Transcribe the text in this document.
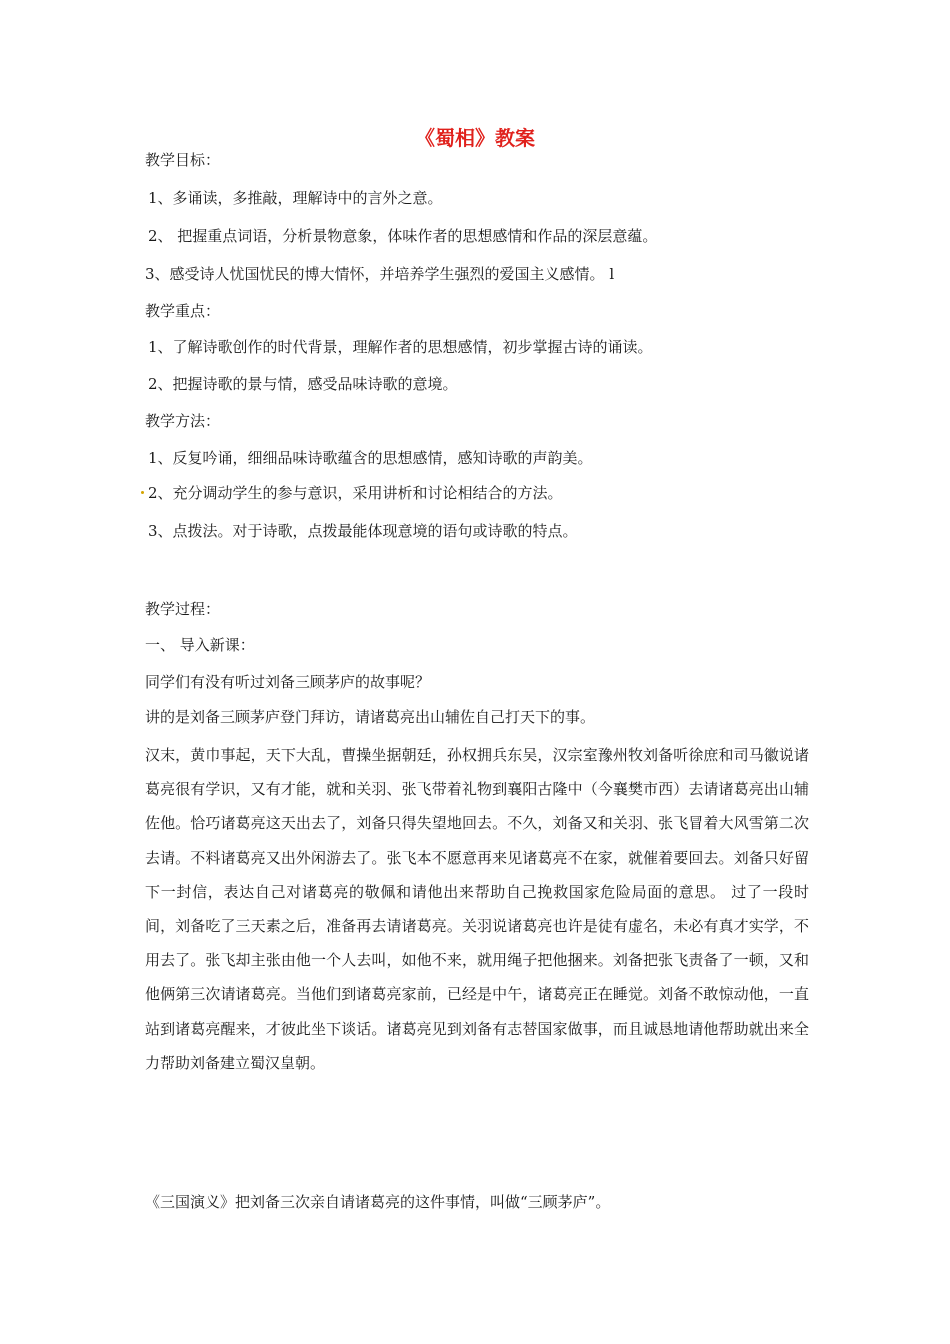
《蜀相》教案

教学目标：

1、多诵读，多推敲，理解诗中的言外之意。

2、 把握重点词语，分析景物意象，体味作者的思想感情和作品的深层意蕴。

3、感受诗人忧国忧民的博大情怀，并培养学生强烈的爱国主义感情。 l

教学重点：

1、了解诗歌创作的时代背景，理解作者的思想感情，初步掌握古诗的诵读。

2、把握诗歌的景与情，感受品味诗歌的意境。

教学方法：

1、反复吟诵，细细品味诗歌蕴含的思想感情，感知诗歌的声韵美。

2、充分调动学生的参与意识，采用讲析和讨论相结合的方法。

3、点拨法。对于诗歌，点拨最能体现意境的语句或诗歌的特点。

教学过程：

一、 导入新课：

同学们有没有听过刘备三顾茅庐的故事呢？

讲的是刘备三顾茅庐登门拜访，请诸葛亮出山辅佐自己打天下的事。

汉末，黄巾事起，天下大乱，曹操坐据朝廷，孙权拥兵东吴，汉宗室豫州牧刘备听徐庶和司马徽说诸葛亮很有学识，又有才能，就和关羽、张飞带着礼物到襄阳古隆中（今襄樊市西）去请诸葛亮出山辅佐他。恰巧诸葛亮这天出去了，刘备只得失望地回去。不久，刘备又和关羽、张飞冒着大风雪第二次去请。不料诸葛亮又出外闲游去了。张飞本不愿意再来见诸葛亮不在家，就催着要回去。刘备只好留下一封信，表达自己对诸葛亮的敬佩和请他出来帮助自己挽救国家危险局面的意思。 过了一段时间，刘备吃了三天素之后，准备再去请诸葛亮。关羽说诸葛亮也许是徒有虚名，未必有真才实学，不用去了。张飞却主张由他一个人去叫，如他不来，就用绳子把他捆来。刘备把张飞责备了一顿，又和他俩第三次请诸葛亮。当他们到诸葛亮家前，已经是中午，诸葛亮正在睡觉。刘备不敢惊动他，一直站到诸葛亮醒来，才彼此坐下谈话。诸葛亮见到刘备有志替国家做事，而且诚恳地请他帮助就出来全力帮助刘备建立蜀汉皇朝。

《三国演义》把刘备三次亲自请诸葛亮的这件事情，叫做“三顾茅庐”。
